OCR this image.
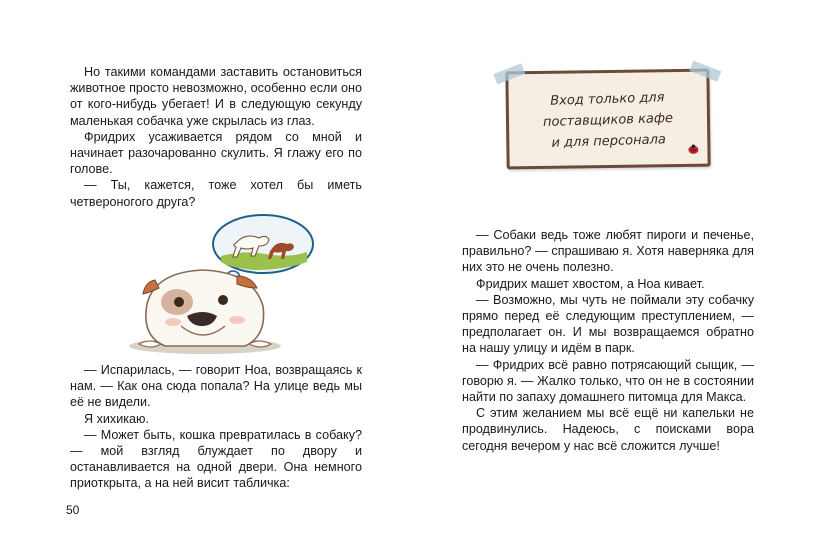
Но такими командами заставить остановиться животное просто невозможно, особенно если оно от кого-нибудь убегает! И в следующую секунду маленькая собачка уже скрылась из глаз.

Фридрих усаживается рядом со мной и начинает разочарованно скулить. Я глажу его по голове.

— Ты, кажется, тоже хотел бы иметь четвероногого друга?

— Испарилась, — говорит Ноа, возвращаясь к нам. — Как она сюда попала? На улице ведь мы её не видели.

Я хихикаю.

— Может быть, кошка превратилась в собаку? — мой взгляд блуждает по двору и останавливается на одной двери. Она немного приоткрыта, а на ней висит табличка:

50
Вход только для
поставщиков кафе
и для персонала

— Собаки ведь тоже любят пироги и печенье, правильно? — спрашиваю я. Хотя наверняка для них это не очень полезно.

Фридрих машет хвостом, а Ноа кивает.

— Возможно, мы чуть не поймали эту собачку прямо перед её следующим преступлением, — предполагает он. И мы возвращаемся обратно на нашу улицу и идём в парк.

— Фридрих всё равно потрясающий сыщик, — говорю я. — Жалко только, что он не в состоянии найти по запаху домашнего питомца для Макса.

С этим желанием мы всё ещё ни капельки не продвинулись. Надеюсь, с поисками вора сегодня вечером у нас всё сложится лучше!
